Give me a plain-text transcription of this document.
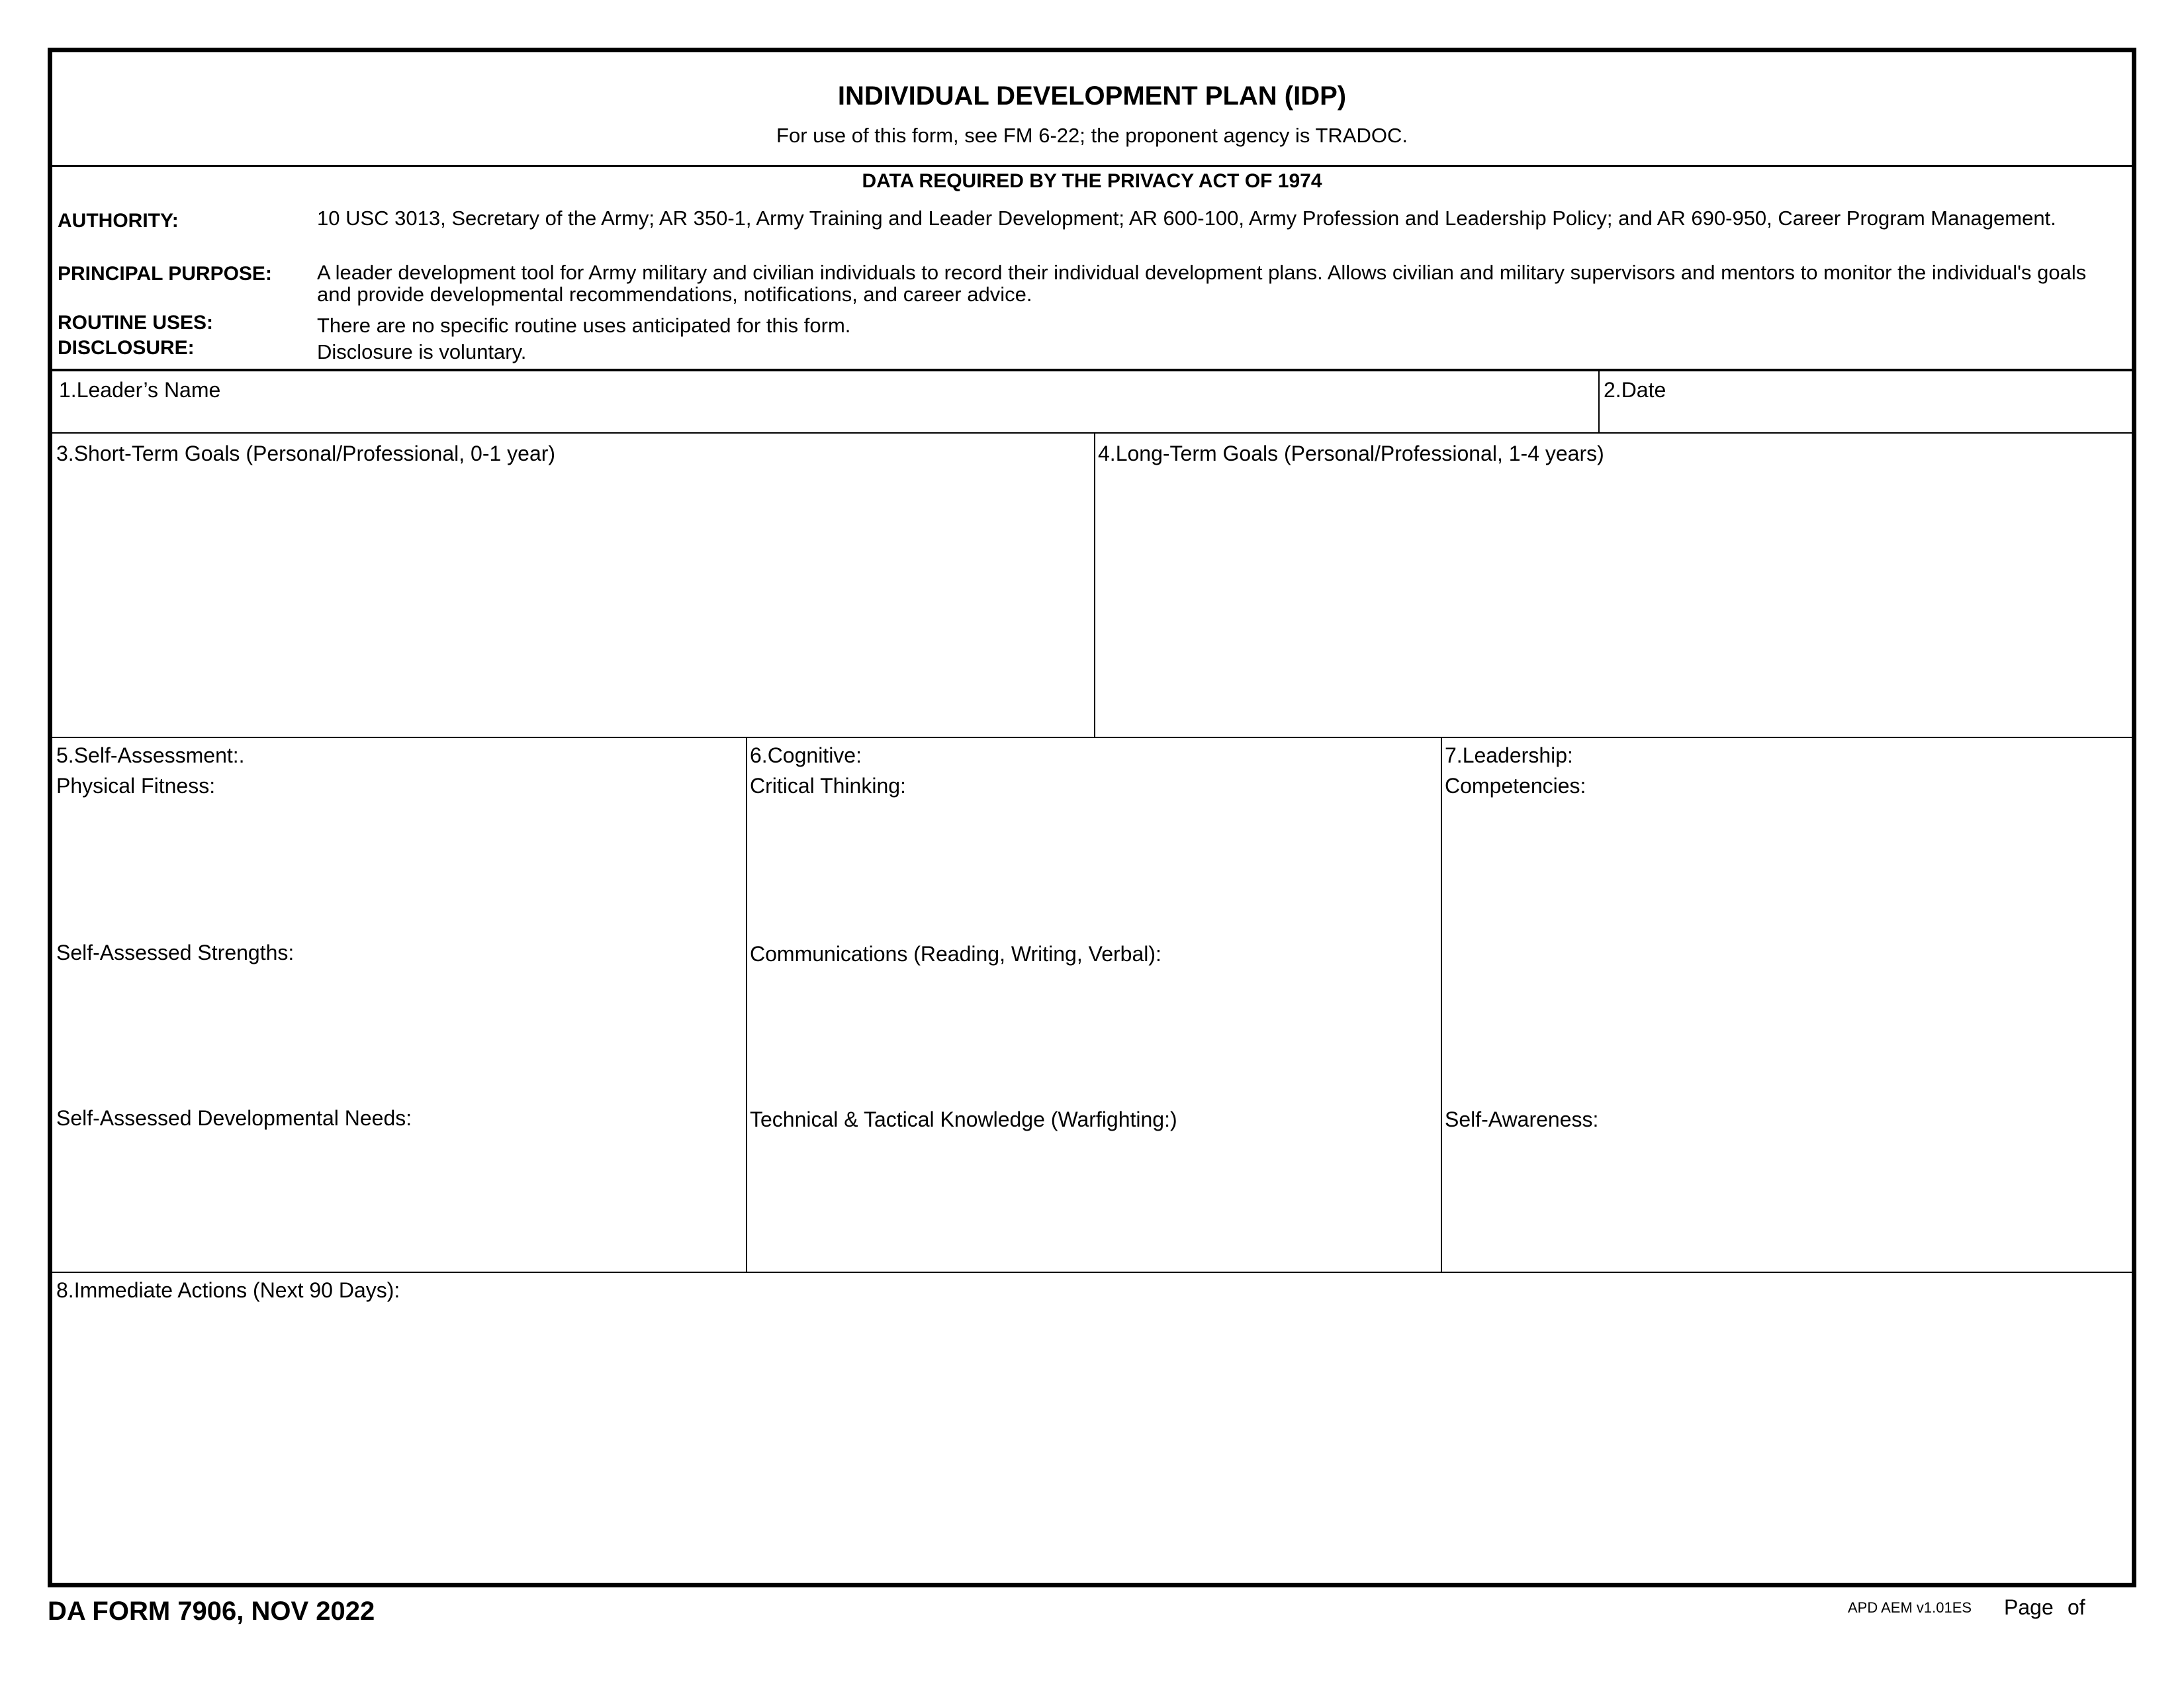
INDIVIDUAL DEVELOPMENT PLAN (IDP)
For use of this form, see FM 6-22; the proponent agency is TRADOC.
DATA REQUIRED BY THE PRIVACY ACT OF 1974
AUTHORITY:	10 USC 3013, Secretary of the Army; AR 350-1, Army Training and Leader Development; AR 600-100, Army Profession and Leadership Policy; and AR 690-950, Career Program Management.
PRINCIPAL PURPOSE: A leader development tool for Army military and civilian individuals to record their individual development plans. Allows civilian and military supervisors and mentors to monitor the individual's goals and provide developmental recommendations, notifications, and career advice.
ROUTINE USES:	There are no specific routine uses anticipated for this form.
DISCLOSURE:	Disclosure is voluntary.
1.Leader’s Name	2.Date
3.Short-Term Goals (Personal/Professional, 0-1 year)	4.Long-Term Goals (Personal/Professional, 1-4 years)
5.Self-Assessment:.
Physical Fitness:
Self-Assessed Strengths:
Self-Assessed Developmental Needs:
6.Cognitive:
Critical Thinking:
Communications (Reading, Writing, Verbal):
Technical & Tactical Knowledge (Warfighting:)
7.Leadership:
Competencies:
Self-Awareness:
8.Immediate Actions (Next 90 Days):
DA FORM 7906, NOV 2022	APD AEM v1.01ES Page of
